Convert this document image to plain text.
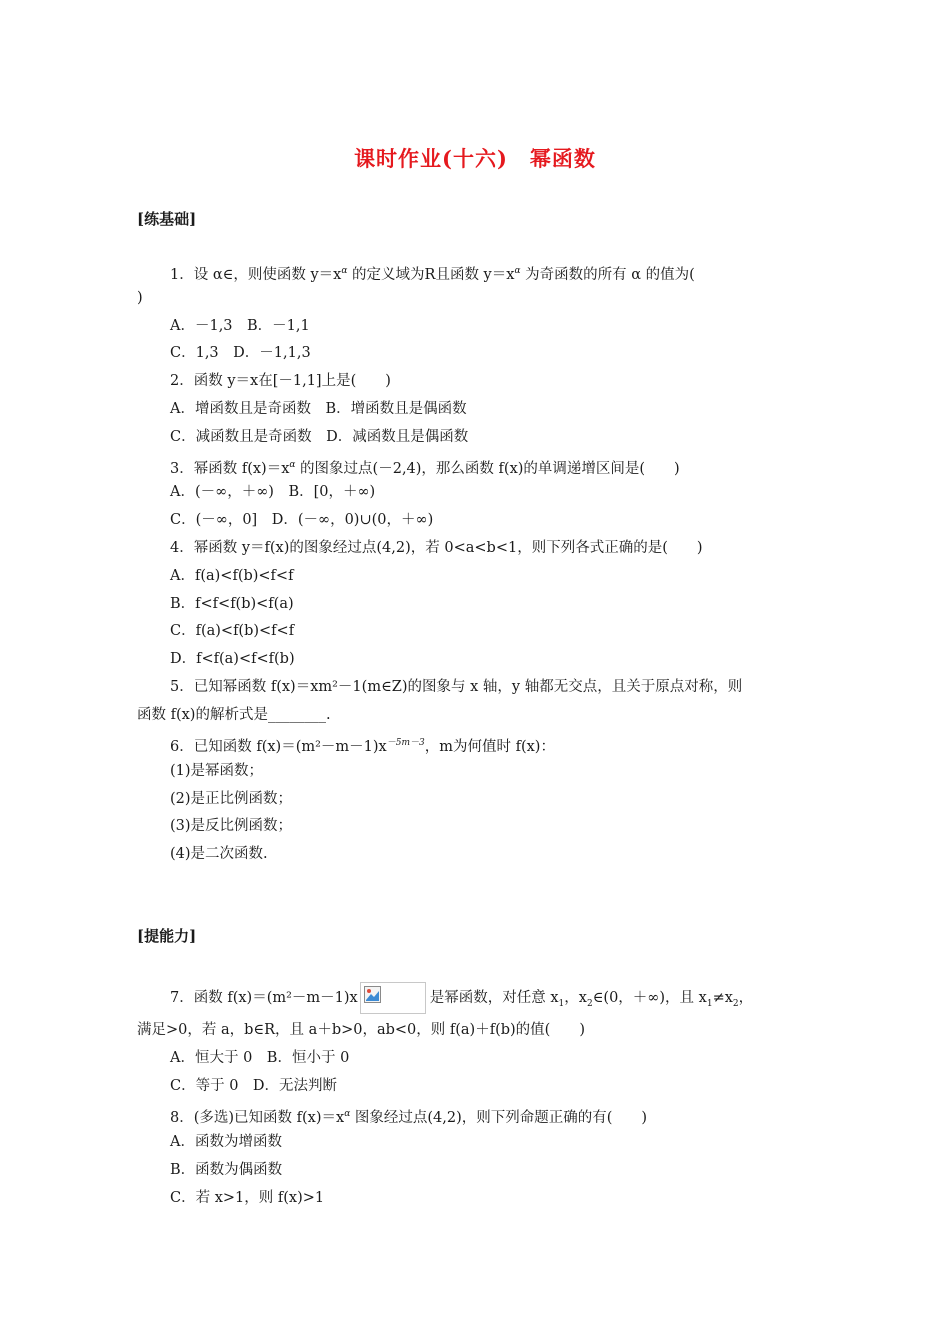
课时作业(十六)　幂函数
[练基础]
1．设 α∈，则使函数 $y=x^\alpha$ 的定义域为R且函数 $y=x^\alpha$ 为奇函数的所有 α 的值为(
)
A．－1,3　B．－1,1
C．1,3　D．－1,1,3
2．函数 y＝x在[－1,1]上是(　　)
A．增函数且是奇函数　B．增函数且是偶函数
C．减函数且是奇函数　D．减函数且是偶函数
3．幂函数 $f(x)=x^\alpha$ 的图象过点(－2,4)，那么函数 f(x)的单调递增区间是(　　)
A．(－∞，＋∞)　B．[0，＋∞)
C．(－∞，0]　D．(－∞，0)∪(0，＋∞)
4．幂函数 y＝f(x)的图象经过点(4,2)，若 0<a<b<1，则下列各式正确的是(　　)
A．f(a)<f(b)<f<f
B．f<f<f(b)<f(a)
C．f(a)<f(b)<f<f
D．f<f(a)<f<f(b)
5．已知幂函数 f(x)＝xm²－1(m∈Z)的图象与 x 轴，y 轴都无交点，且关于原点对称，则
函数 f(x)的解析式是________.
6．已知函数 $f(x)=(m^2-m-1)x^{-5m-3}$，m为何值时 f(x)：
(1)是幂函数；
(2)是正比例函数；
(3)是反比例函数；
(4)是二次函数.
[提能力]
7．函数 f(x)＝(m²－m－1)x	是幂函数，对任意 $x_1$，$x_2\in(0$，＋∞)，且 $x_1\ne x_2$，
满足>0，若 a，b∈R，且 a＋b>0，ab<0，则 f(a)＋f(b)的值(　　)
A．恒大于 0　B．恒小于 0
C．等于 0　D．无法判断
8．(多选)已知函数 $f(x)=x^\alpha$ 图象经过点(4,2)，则下列命题正确的有(　　)
A．函数为增函数
B．函数为偶函数
C．若 x>1，则 f(x)>1
